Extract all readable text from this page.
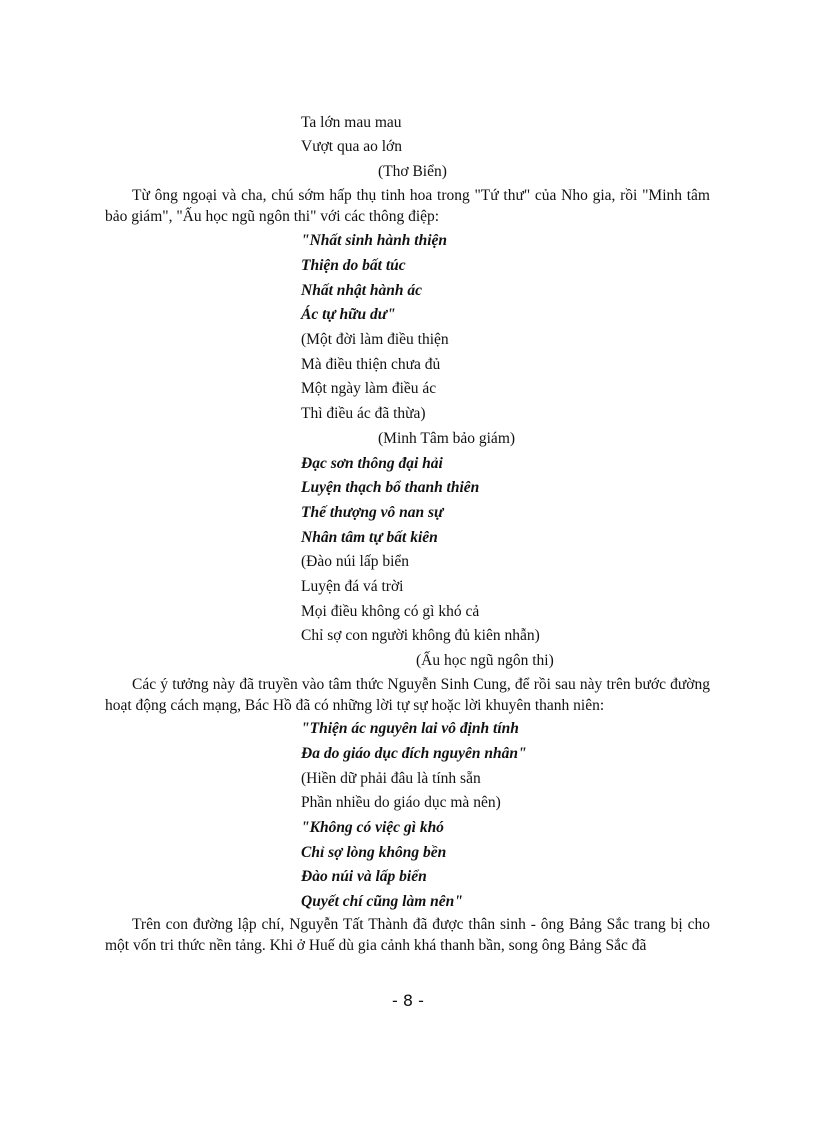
Ta lớn mau mau
Vượt qua ao lớn
(Thơ Biển)
Từ ông ngoại và cha, chú sớm hấp thụ tinh hoa trong "Tứ thư" của Nho gia, rồi "Minh tâm bảo giám", "Ấu học ngũ ngôn thi" với các thông điệp:
"Nhất sinh hành thiện
Thiện do bất túc
Nhất nhật hành ác
Ác tự hữu dư"
(Một đời làm điều thiện
Mà điều thiện chưa đủ
Một ngày làm điều ác
Thì điều ác đã thừa)
(Minh Tâm bảo giám)
Đạc sơn thông đại hải
Luyện thạch bổ thanh thiên
Thế thượng vô nan sự
Nhân tâm tự bất kiên
(Đào núi lấp biển
Luyện đá vá trời
Mọi điều không có gì khó cả
Chỉ sợ con người không đủ kiên nhẫn)
(Ấu học ngũ ngôn thi)
Các ý tưởng này đã truyền vào tâm thức Nguyễn Sinh Cung, để rồi sau này trên bước đường hoạt động cách mạng, Bác Hồ đã có những lời tự sự hoặc lời khuyên thanh niên:
"Thiện ác nguyên lai vô định tính
Đa do giáo dục đích nguyên nhân"
(Hiền dữ phải đâu là tính sẵn
Phần nhiều do giáo dục mà nên)
"Không có việc gì khó
Chỉ sợ lòng không bền
Đào núi và lấp biển
Quyết chí cũng làm nên"
Trên con đường lập chí, Nguyễn Tất Thành đã được thân sinh - ông Bảng Sắc trang bị cho một vốn tri thức nền tảng. Khi ở Huế dù gia cảnh khá thanh bần, song ông Bảng Sắc đã
- 8 -
